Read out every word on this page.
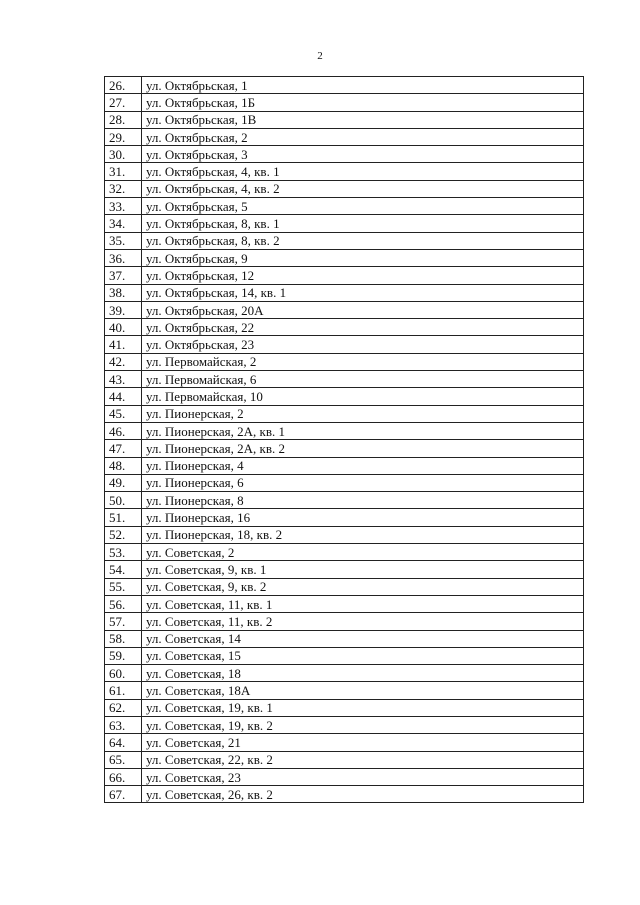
2
26.	ул. Октябрьская, 1
27.	ул. Октябрьская, 1Б
28.	ул. Октябрьская, 1В
29.	ул. Октябрьская, 2
30.	ул. Октябрьская, 3
31.	ул. Октябрьская, 4, кв. 1
32.	ул. Октябрьская, 4, кв. 2
33.	ул. Октябрьская, 5
34.	ул. Октябрьская, 8, кв. 1
35.	ул. Октябрьская, 8, кв. 2
36.	ул. Октябрьская, 9
37.	ул. Октябрьская, 12
38.	ул. Октябрьская, 14, кв. 1
39.	ул. Октябрьская, 20А
40.	ул. Октябрьская, 22
41.	ул. Октябрьская, 23
42.	ул. Первомайская, 2
43.	ул. Первомайская, 6
44.	ул. Первомайская, 10
45.	ул. Пионерская, 2
46.	ул. Пионерская, 2А, кв. 1
47.	ул. Пионерская, 2А, кв. 2
48.	ул. Пионерская, 4
49.	ул. Пионерская, 6
50.	ул. Пионерская, 8
51.	ул. Пионерская, 16
52.	ул. Пионерская, 18, кв. 2
53.	ул. Советская, 2
54.	ул. Советская, 9, кв. 1
55.	ул. Советская, 9, кв. 2
56.	ул. Советская, 11, кв. 1
57.	ул. Советская, 11, кв. 2
58.	ул. Советская, 14
59.	ул. Советская, 15
60.	ул. Советская, 18
61.	ул. Советская, 18А
62.	ул. Советская, 19, кв. 1
63.	ул. Советская, 19, кв. 2
64.	ул. Советская, 21
65.	ул. Советская, 22, кв. 2
66.	ул. Советская, 23
67.	ул. Советская, 26, кв. 2
